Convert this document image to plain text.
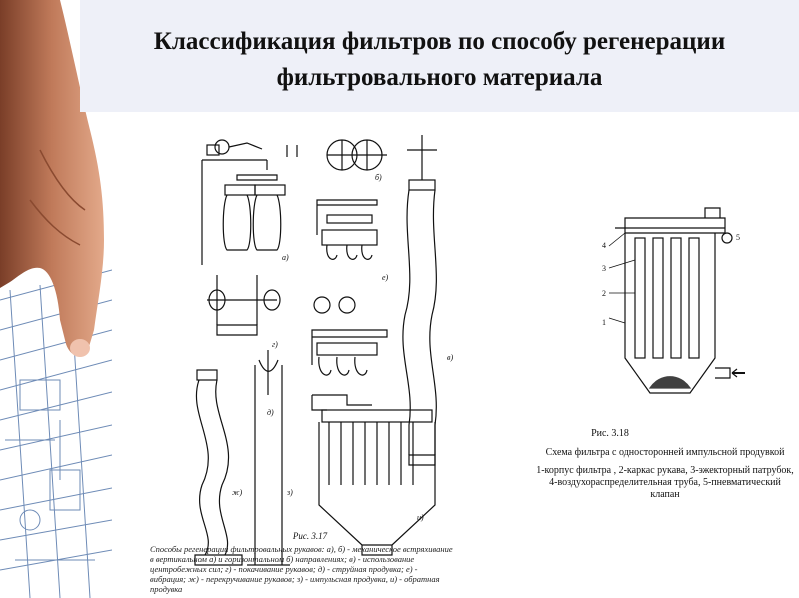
Классификация фильтров по способу регенерации фильтровального материала
а)
б)
в)
г)
д)
е)
ж)	з)
и)
Рис. 3.17
Способы регенерации фильтровальных рукавов: а), б) - механическое встряхивание в вертикальном а) и горизонтальном б) направлениях; в) - использование центробежных сил; г) - покачивание рукавов; д) - струйная продувка; е) - вибрация; ж) - перекручивание рукавов; з) - импульсная продувка, и) - обратная продувка
1
2
3
4
5
Рис. 3.18
Схема фильтра с односторонней импульсной продувкой
1-корпус фильтра , 2-каркас рукава, 3-эжекторный патрубок, 4-воздухораспределительная труба, 5-пневматический клапан
